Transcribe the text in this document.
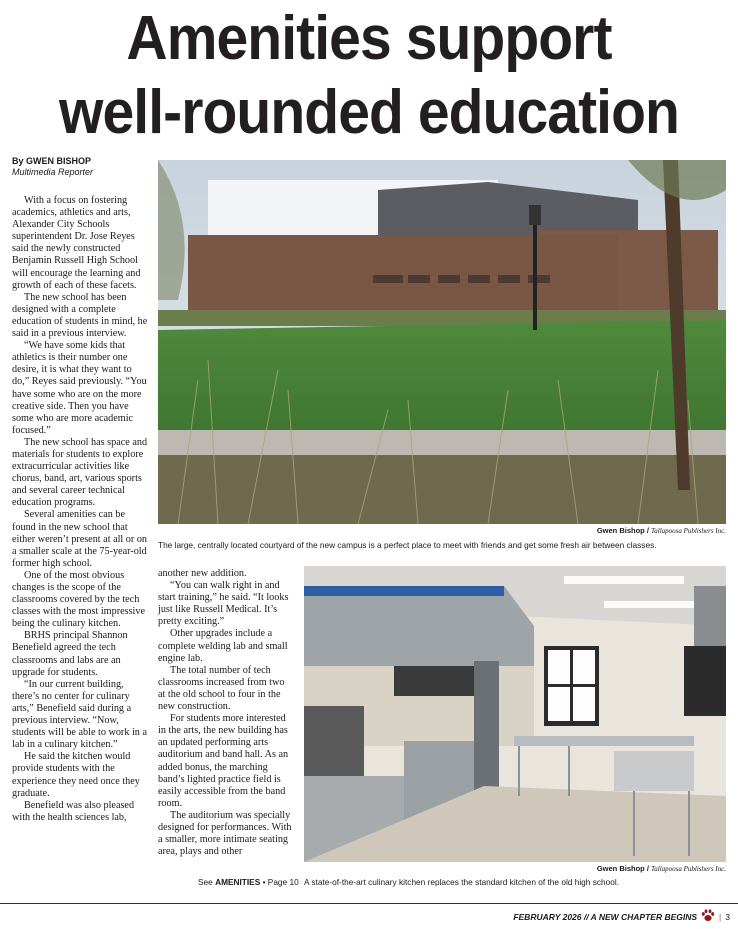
Amenities support
well-rounded education
By GWEN BISHOP
Multimedia Reporter

With a focus on fostering academics, athletics and arts, Alexander City Schools superintendent Dr. Jose Reyes said the newly constructed Benjamin Russell High School will encourage the learning and growth of each of these facets.

The new school has been designed with a complete education of students in mind, he said in a previous interview.

“We have some kids that athletics is their number one desire, it is what they want to do,” Reyes said previously. “You have some who are on the more creative side. Then you have some who are more academic focused.”

The new school has space and materials for students to explore extracurricular activities like chorus, band, art, various sports and several career technical education programs.

Several amenities can be found in the new school that either weren’t present at all or on a smaller scale at the 75-year-old former high school.

One of the most obvious changes is the scope of the classrooms covered by the tech classes with the most impressive being the culinary kitchen.

BRHS principal Shannon Benefield agreed the tech classrooms and labs are an upgrade for students.

“In our current building, there’s no center for culinary arts,” Benefield said during a previous interview. “Now, students will be able to work in a lab in a culinary kitchen.”

He said the kitchen would provide students with the experience they need once they graduate.

Benefield was also pleased with the health sciences lab,

another new addition.

“You can walk right in and start training,” he said. “It looks just like Russell Medical. It’s pretty exciting.”

Other upgrades include a complete welding lab and small engine lab.

The total number of tech classrooms increased from two at the old school to four in the new construction.

For students more interested in the arts, the new building has an updated performing arts auditorium and band hall. As an added bonus, the marching band’s lighted practice field is easily accessible from the band room.

The auditorium was specially designed for performances. With a smaller, more intimate seating area, plays and other

See AMENITIES • Page 10
Gwen Bishop / Tallapoosa Publishers Inc.
The large, centrally located courtyard of the new campus is a perfect place to meet with friends and get some fresh air between classes.
Gwen Bishop / Tallapoosa Publishers Inc.
A state-of-the-art culinary kitchen replaces the standard kitchen of the old high school.
FEBRUARY 2026 // A NEW CHAPTER BEGINS	| 3
